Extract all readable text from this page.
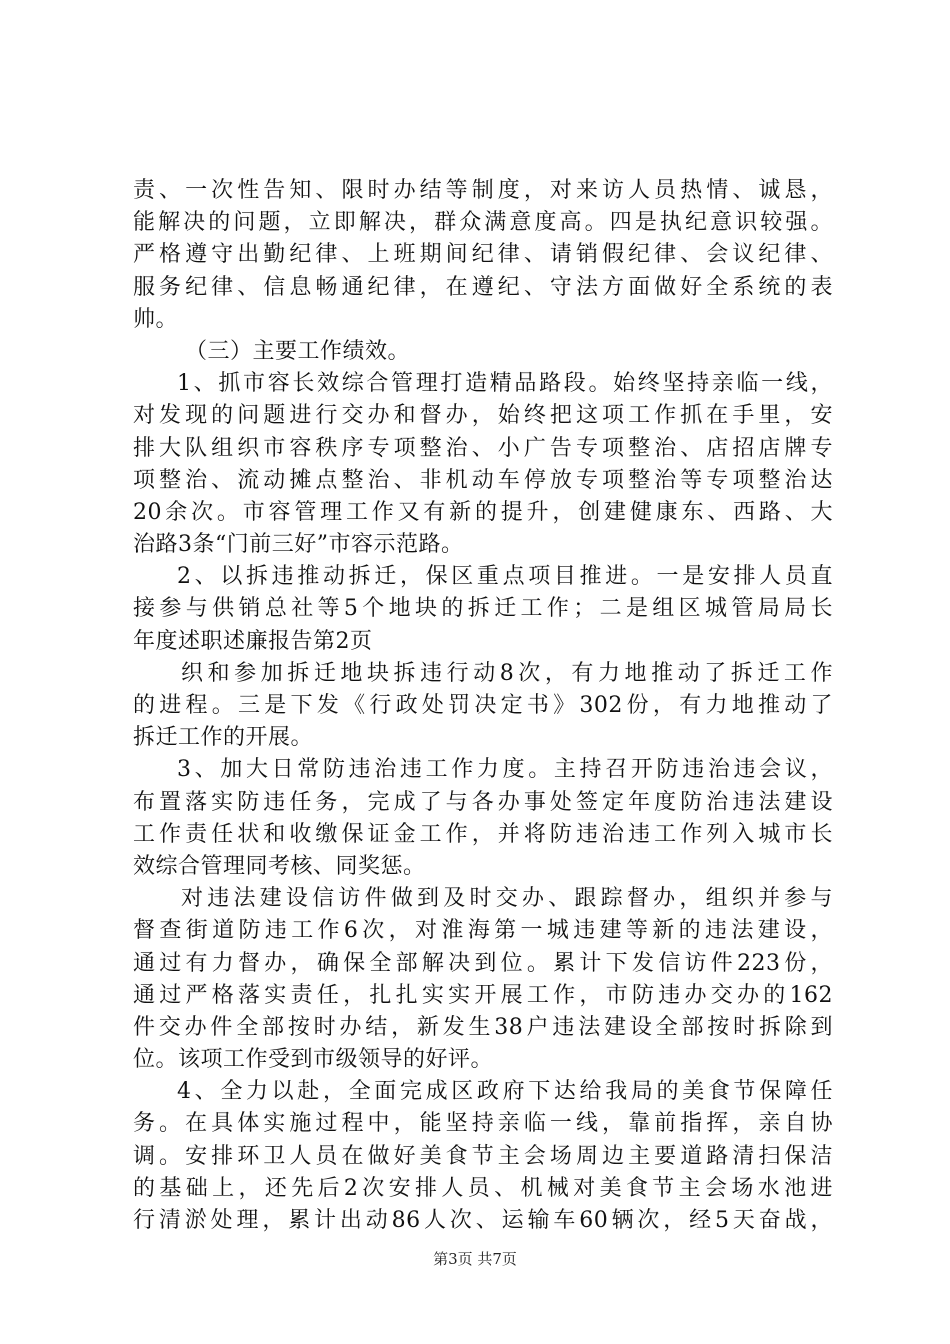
责、一次性告知、限时办结等制度，对来访人员热情、诚恳，
能解决的问题，立即解决，群众满意度高。四是执纪意识较强。
严格遵守出勤纪律、上班期间纪律、请销假纪律、会议纪律、
服务纪律、信息畅通纪律，在遵纪、守法方面做好全系统的表
帅。
（三）主要工作绩效。
1、抓市容长效综合管理打造精品路段。始终坚持亲临一线，
对发现的问题进行交办和督办，始终把这项工作抓在手里，安
排大队组织市容秩序专项整治、小广告专项整治、店招店牌专
项整治、流动摊点整治、非机动车停放专项整治等专项整治达
20余次。市容管理工作又有新的提升，创建健康东、西路、大
治路3条“门前三好”市容示范路。
2、以拆违推动拆迁，保区重点项目推进。一是安排人员直
接参与供销总社等5个地块的拆迁工作；二是组区城管局局长
年度述职述廉报告第2页
织和参加拆迁地块拆违行动8次，有力地推动了拆迁工作
的进程。三是下发《行政处罚决定书》302份，有力地推动了
拆迁工作的开展。
3、加大日常防违治违工作力度。主持召开防违治违会议，
布置落实防违任务，完成了与各办事处签定年度防治违法建设
工作责任状和收缴保证金工作，并将防违治违工作列入城市长
效综合管理同考核、同奖惩。
对违法建设信访件做到及时交办、跟踪督办，组织并参与
督查街道防违工作6次，对淮海第一城违建等新的违法建设，
通过有力督办，确保全部解决到位。累计下发信访件223份，
通过严格落实责任，扎扎实实开展工作，市防违办交办的162
件交办件全部按时办结，新发生38户违法建设全部按时拆除到
位。该项工作受到市级领导的好评。
4、全力以赴，全面完成区政府下达给我局的美食节保障任
务。在具体实施过程中，能坚持亲临一线，靠前指挥，亲自协
调。安排环卫人员在做好美食节主会场周边主要道路清扫保洁
的基础上，还先后2次安排人员、机械对美食节主会场水池进
行清淤处理，累计出动86人次、运输车60辆次，经5天奋战，
第3页 共7页
